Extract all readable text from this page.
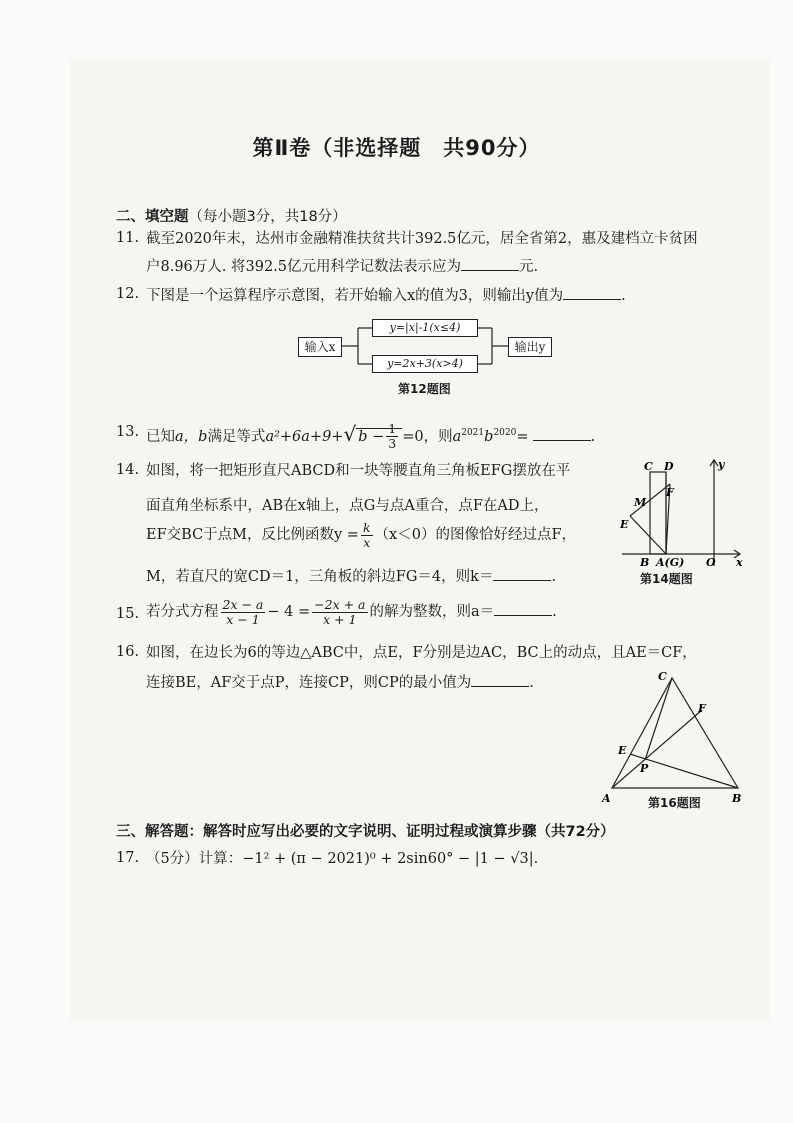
第Ⅱ卷（非选择题　共90分）
二、填空题（每小题3分，共18分）
11. 截至2020年末，达州市金融精准扶贫共计392.5亿元，居全省第2，惠及建档立卡贫困
户8.96万人. 将392.5亿元用科学记数法表示应为	元.
12. 下图是一个运算程序示意图，若开始输入x的值为3，则输出y值为	.
输入x
y=|x|-1(x≤4)
y=2x+3(x>4)
输出y
第12题图
13. 已知a，b满足等式a²+6a+9+√ $b - \frac{1}{3} =0$，则$a^{2021}b^{2020}=$	.
14. 如图，将一把矩形直尺ABCD和一块等腰直角三角板EFG摆放在平
面直角坐标系中，AB在x轴上，点G与点A重合，点F在AD上，
EF交BC于点M，反比例函数$y = \frac{k}{x} (x<0)$的图像恰好经过点F，
M，若直尺的宽CD＝1，三角板的斜边FG＝4，则k＝	.
C D
M
F
E
B A(G) O x
y
第14题图
15. 若分式方程 $\frac{2x - a}{x - 1} - 4 = \frac{-2x + a}{x + 1}$ 的解为整数，则a＝	.
16. 如图，在边长为6的等边△ABC中，点E，F分别是边AC，BC上的动点，且AE＝CF，
连接BE，AF交于点P，连接CP，则CP的最小值为	.
A	B
C
E
F
P
第16题图
三、解答题：解答时应写出必要的文字说明、证明过程或演算步骤（共72分）
17. （5分）计算：−1² + (π − 2021)⁰ + 2sin60° − |1 − √3|.
